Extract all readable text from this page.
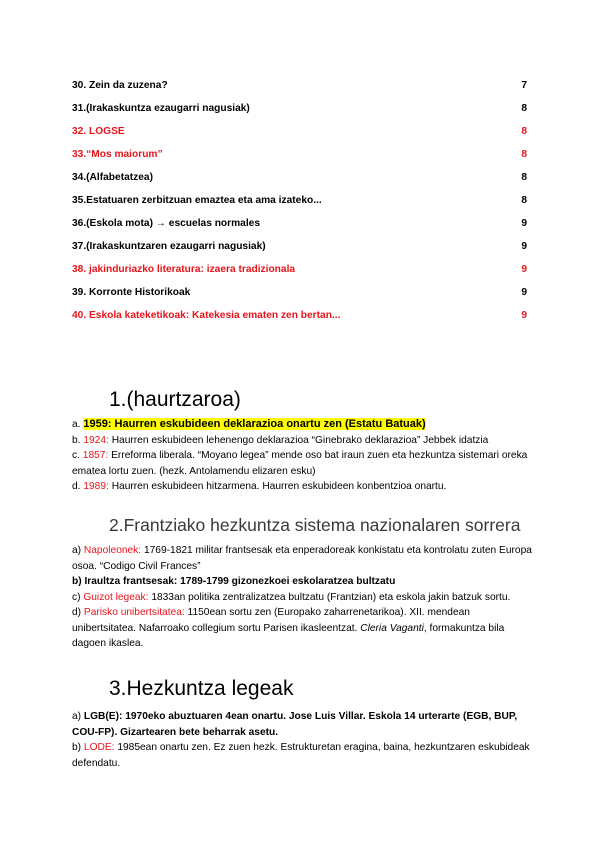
30. Zein da zuzena?	7
31.(Irakaskuntza ezaugarri nagusiak)	8
32. LOGSE	8
33.“Mos maiorum”	8
34.(Alfabetatzea)	8
35.Estatuaren zerbitzuan emaztea eta ama izateko...	8
36.(Eskola mota) → escuelas normales	9
37.(Irakaskuntzaren ezaugarri nagusiak)	9
38. jakinduriazko literatura: izaera tradizionala	9
39. Korronte Historikoak	9
40. Eskola kateketikoak: Katekesia ematen zen bertan...	9
1.(haurtzaroa)

a. 1959: Haurren eskubideen deklarazioa onartu zen (Estatu Batuak)

b. 1924: Haurren eskubideen lehenengo deklarazioa “Ginebrako deklarazioa” Jebbek idatzia

c. 1857: Erreforma liberala. “Moyano legea” mende oso bat iraun zuen eta hezkuntza sistemari oreka ematea lortu zuen. (hezk. Antolamendu elizaren esku)

d. 1989: Haurren eskubideen hitzarmena. Haurren eskubideen konbentzioa onartu.

2.Frantziako hezkuntza sistema nazionalaren sorrera

a) Napoleonek: 1769-1821 militar frantsesak eta enperadoreak konkistatu eta kontrolatu zuten Europa osoa. “Codigo Civil Frances”

b) Iraultza frantsesak: 1789-1799 gizonezkoei eskolaratzea bultzatu

c) Guizot legeak: 1833an politika zentralizatzea bultzatu (Frantzian) eta eskola jakin batzuk sortu.

d) Parisko unibertsitatea: 1150ean sortu zen (Europako zaharrenetarikoa). XII. mendean unibertsitatea. Nafarroako collegium sortu Parisen ikasleentzat. Cleria Vaganti, formakuntza bila dagoen ikaslea.

3.Hezkuntza legeak

a) LGB(E): 1970eko abuztuaren 4ean onartu. Jose Luis Villar. Eskola 14 urterarte (EGB, BUP, COU-FP). Gizartearen bete beharrak asetu.

b) LODE: 1985ean onartu zen. Ez zuen hezk. Estrukturetan eragina, baina, hezkuntzaren eskubideak defendatu.
